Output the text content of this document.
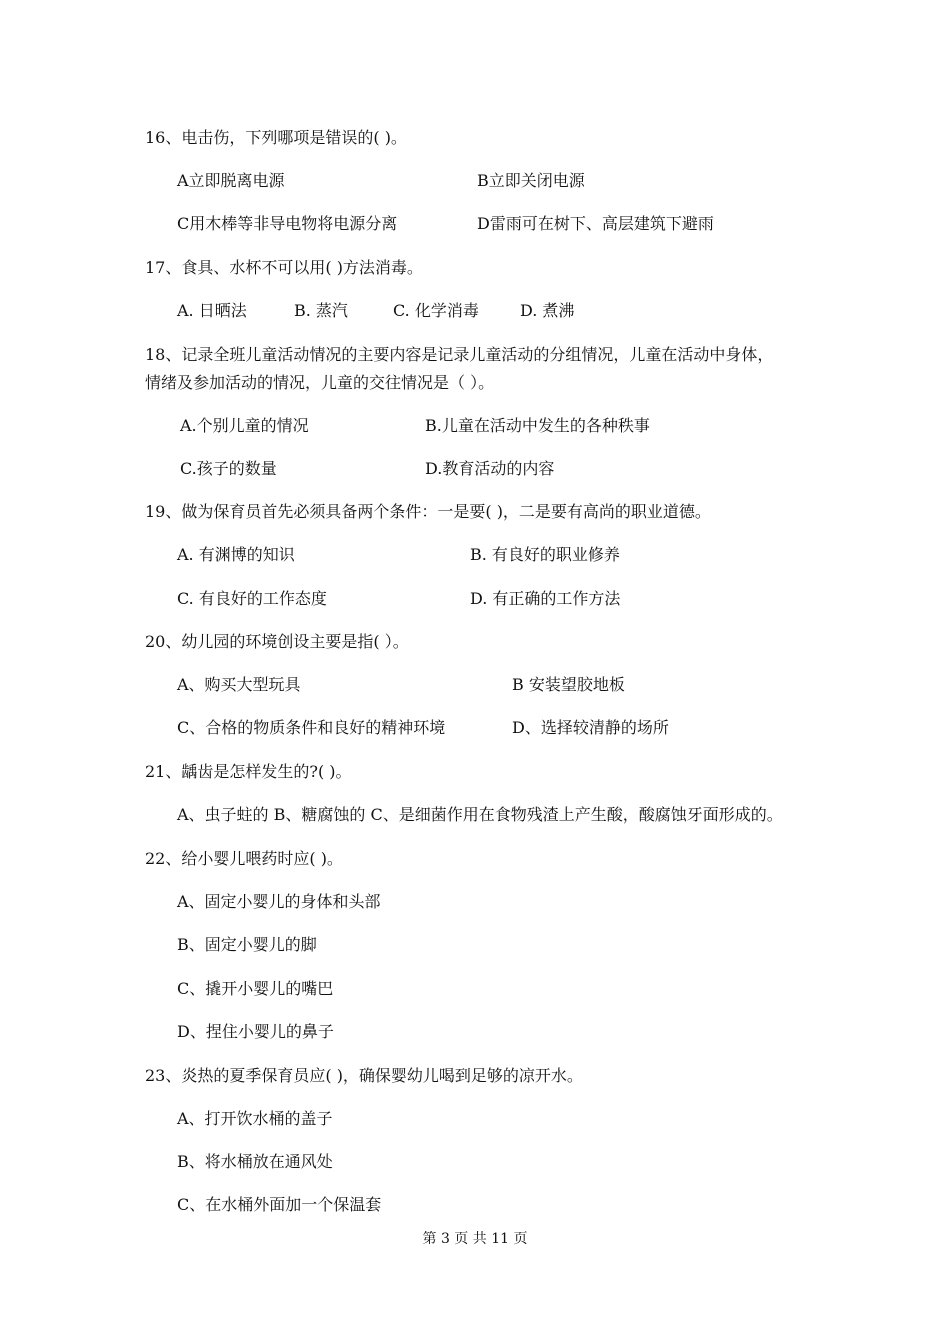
16、电击伤，下列哪项是错误的( )。
A立即脱离电源	B立即关闭电源
C用木棒等非导电物将电源分离	D雷雨可在树下、高层建筑下避雨
17、食具、水杯不可以用( )方法消毒。
A. 日晒法	B. 蒸汽	C. 化学消毒	D. 煮沸
18、记录全班儿童活动情况的主要内容是记录儿童活动的分组情况，儿童在活动中身体，
情绪及参加活动的情况，儿童的交往情况是（ ）。
A.个别儿童的情况	B.儿童在活动中发生的各种秩事
C.孩子的数量	D.教育活动的内容
19、做为保育员首先必须具备两个条件：一是要( )，二是要有高尚的职业道德。
A. 有渊博的知识	B. 有良好的职业修养
C. 有良好的工作态度	D. 有正确的工作方法
20、幼儿园的环境创设主要是指( ）。
A、购买大型玩具	B 安装望胶地板
C、合格的物质条件和良好的精神环境	D、选择较清静的场所
21、龋齿是怎样发生的?( )。
A、虫子蛀的 B、糖腐蚀的 C、是细菌作用在食物残渣上产生酸，酸腐蚀牙面形成的。
22、给小婴儿喂药时应( )。
A、固定小婴儿的身体和头部
B、固定小婴儿的脚
C、撬开小婴儿的嘴巴
D、捏住小婴儿的鼻子
23、炎热的夏季保育员应( )，确保婴幼儿喝到足够的凉开水。
A、打开饮水桶的盖子
B、将水桶放在通风处
C、在水桶外面加一个保温套
第 3 页 共 11 页
